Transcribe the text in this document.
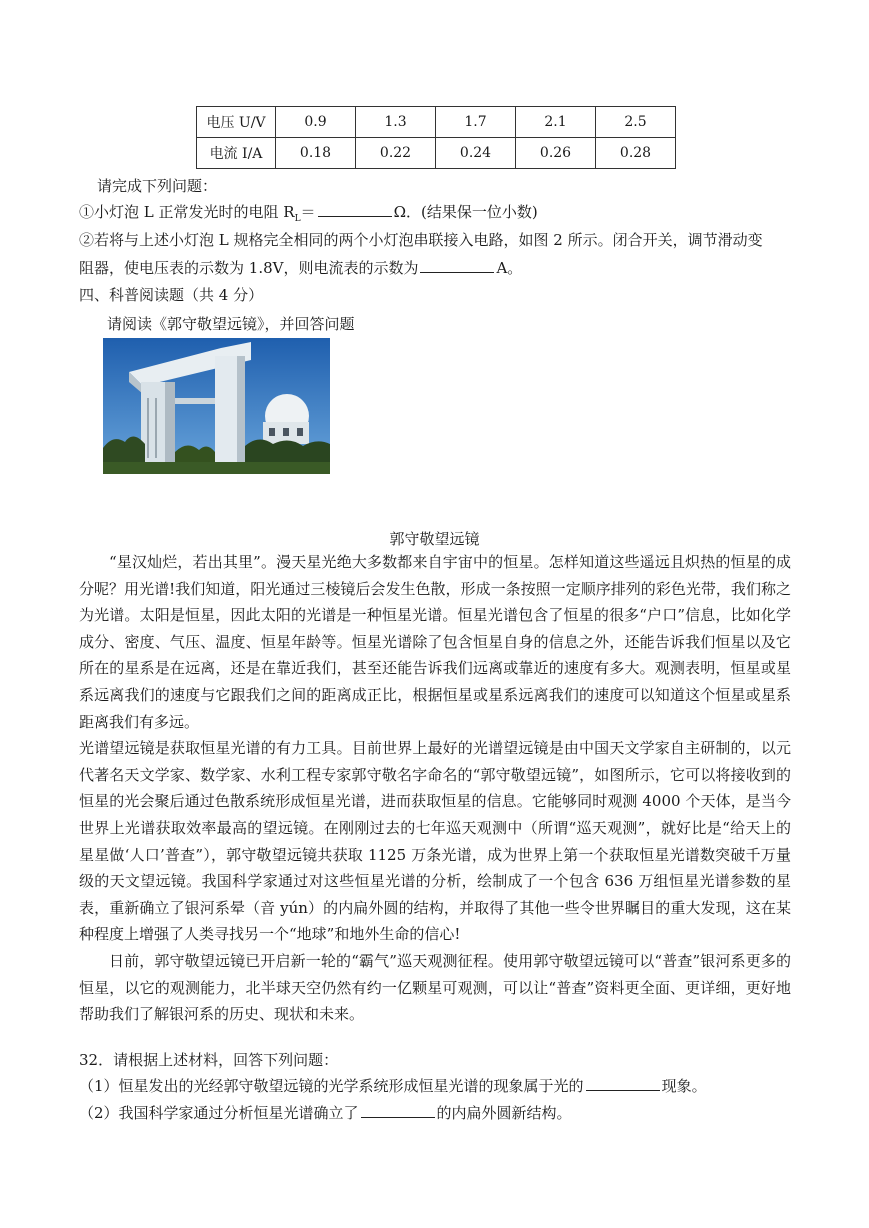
电压 U/V	0.9	1.3	1.7	2.1	2.5
电流 I/A	0.18	0.22	0.24	0.26	0.28
请完成下列问题：
①小灯泡 L 正常发光时的电阻 $R_L=$	Ω．(结果保一位小数)
②若将与上述小灯泡 L 规格完全相同的两个小灯泡串联接入电路，如图 2 所示。闭合开关，调节滑动变
阻器，使电压表的示数为 1.8V，则电流表的示数为	A。
四、科普阅读题（共 4 分）
请阅读《郭守敬望远镜》，并回答问题
郭守敬望远镜

“星汉灿烂，若出其里”。漫天星光绝大多数都来自宇宙中的恒星。怎样知道这些遥远且炽热的恒星的成分呢？用光谱!我们知道，阳光通过三棱镜后会发生色散，形成一条按照一定顺序排列的彩色光带，我们称之为光谱。太阳是恒星，因此太阳的光谱是一种恒星光谱。恒星光谱包含了恒星的很多“户口”信息，比如化学成分、密度、气压、温度、恒星年龄等。恒星光谱除了包含恒星自身的信息之外，还能告诉我们恒星以及它所在的星系是在远离，还是在靠近我们，甚至还能告诉我们远离或靠近的速度有多大。观测表明，恒星或星系远离我们的速度与它跟我们之间的距离成正比，根据恒星或星系远离我们的速度可以知道这个恒星或星系距离我们有多远。

光谱望远镜是获取恒星光谱的有力工具。目前世界上最好的光谱望远镜是由中国天文学家自主研制的，以元代著名天文学家、数学家、水利工程专家郭守敬名字命名的“郭守敬望远镜”，如图所示，它可以将接收到的恒星的光会聚后通过色散系统形成恒星光谱，进而获取恒星的信息。它能够同时观测 4000 个天体，是当今世界上光谱获取效率最高的望远镜。在刚刚过去的七年巡天观测中（所谓“巡天观测”，就好比是“给天上的星星做‘人口’普查”），郭守敬望远镜共获取 1125 万条光谱，成为世界上第一个获取恒星光谱数突破千万量级的天文望远镜。我国科学家通过对这些恒星光谱的分析，绘制成了一个包含 636 万组恒星光谱参数的星表，重新确立了银河系晕（音 yún）的内扁外圆的结构，并取得了其他一些令世界瞩目的重大发现，这在某种程度上增强了人类寻找另一个“地球”和地外生命的信心!

日前，郭守敬望远镜已开启新一轮的“霸气”巡天观测征程。使用郭守敬望远镜可以“普查”银河系更多的恒星，以它的观测能力，北半球天空仍然有约一亿颗星可观测，可以让“普查”资料更全面、更详细，更好地帮助我们了解银河系的历史、现状和未来。

32．请根据上述材料，回答下列问题：
（1）恒星发出的光经郭守敬望远镜的光学系统形成恒星光谱的现象属于光的	现象。
（2）我国科学家通过分析恒星光谱确立了	的内扁外圆新结构。
